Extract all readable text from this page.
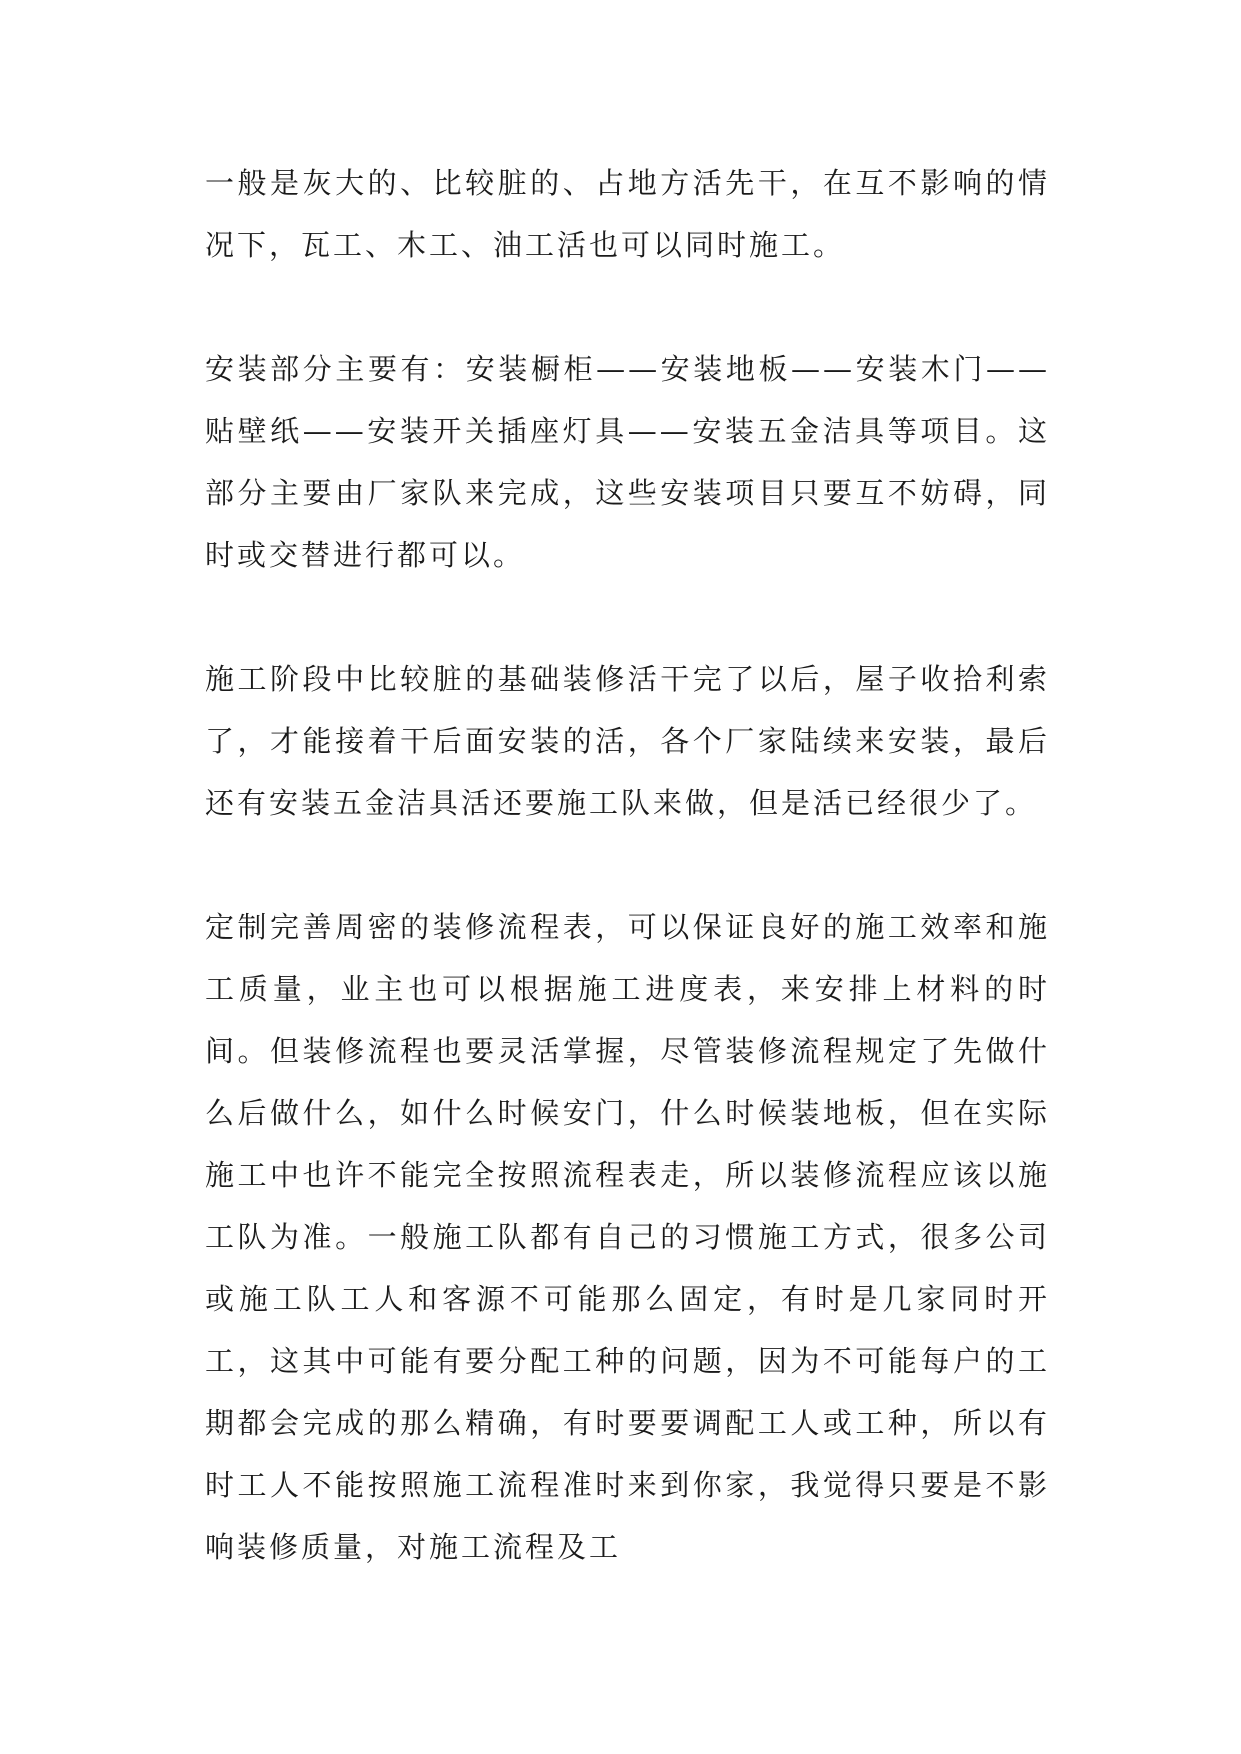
一般是灰大的、比较脏的、占地方活先干，在互不影响的情况下，瓦工、木工、油工活也可以同时施工。

安装部分主要有：安装橱柜——安装地板——安装木门——贴壁纸——安装开关插座灯具——安装五金洁具等项目。这部分主要由厂家队来完成，这些安装项目只要互不妨碍，同时或交替进行都可以。

施工阶段中比较脏的基础装修活干完了以后，屋子收拾利索了，才能接着干后面安装的活，各个厂家陆续来安装，最后还有安装五金洁具活还要施工队来做，但是活已经很少了。

定制完善周密的装修流程表，可以保证良好的施工效率和施工质量，业主也可以根据施工进度表，来安排上材料的时间。但装修流程也要灵活掌握，尽管装修流程规定了先做什么后做什么，如什么时候安门，什么时候装地板，但在实际施工中也许不能完全按照流程表走，所以装修流程应该以施工队为准。一般施工队都有自己的习惯施工方式，很多公司或施工队工人和客源不可能那么固定，有时是几家同时开工，这其中可能有要分配工种的问题，因为不可能每户的工期都会完成的那么精确，有时要要调配工人或工种，所以有时工人不能按照施工流程准时来到你家，我觉得只要是不影响装修质量，对施工流程及工
